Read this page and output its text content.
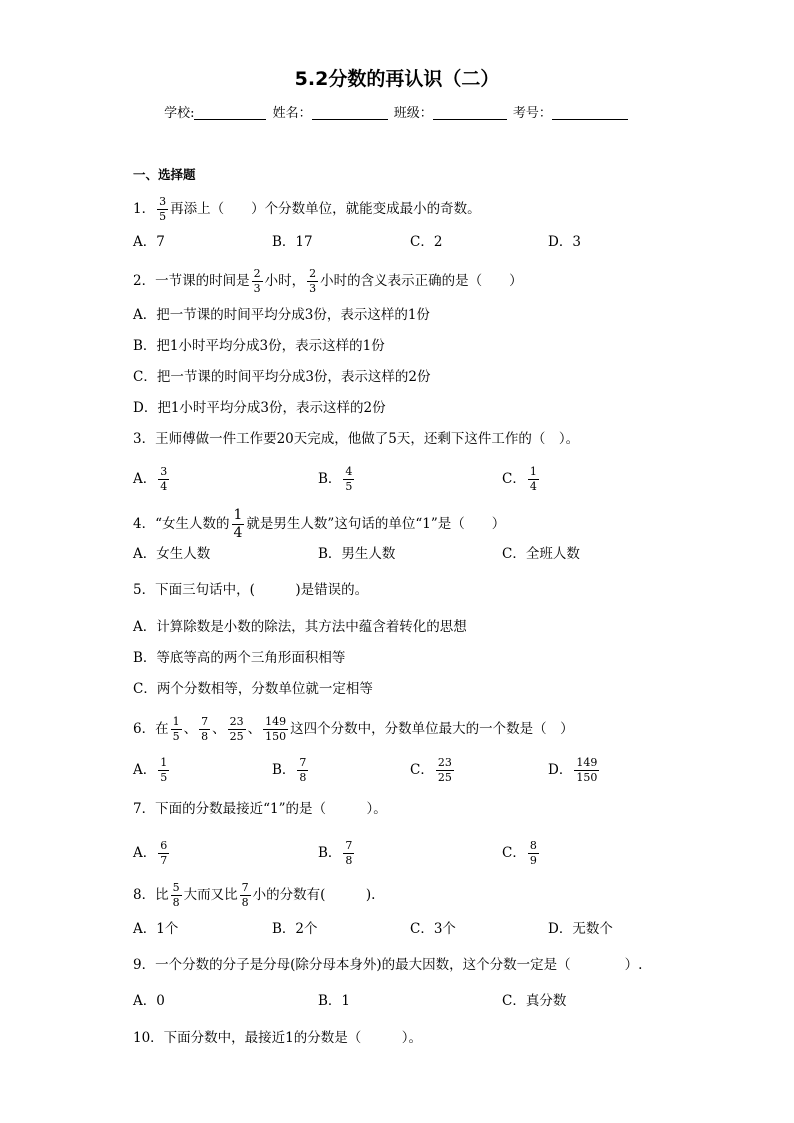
5.2分数的再认识（二）
学校:	姓名：	班级：	考号：
一、选择题
1． $\frac{3}{5}$ 再添上（　　）个分数单位，就能变成最小的奇数。
A．7	B．17	C．2	D．3
2．一节课的时间是 $\frac{2}{3}$ 小时， $\frac{2}{3}$ 小时的含义表示正确的是（　　）
A．把一节课的时间平均分成3份，表示这样的1份
B．把1小时平均分成3份，表示这样的1份
C．把一节课的时间平均分成3份，表示这样的2份
D．把1小时平均分成3份，表示这样的2份
3．王师傅做一件工作要20天完成，他做了5天，还剩下这件工作的（　）。
A． $\frac{3}{4}$	B． $\frac{4}{5}$	C． $\frac{1}{4}$
4．“女生人数的 $\frac{1}{4}$ 就是男生人数”这句话的单位“1”是（　　）
A．女生人数	B．男生人数	C．全班人数
5．下面三句话中，(　　　)是错误的。
A．计算除数是小数的除法，其方法中蕴含着转化的思想
B．等底等高的两个三角形面积相等
C．两个分数相等，分数单位就一定相等
6．在 $\frac{1}{5}$ 、 $\frac{7}{8}$ 、 $\frac{23}{25}$ 、 $\frac{149}{150}$ 这四个分数中，分数单位最大的一个数是（　）
A． $\frac{1}{5}$	B． $\frac{7}{8}$	C． $\frac{23}{25}$	D． $\frac{149}{150}$
7．下面的分数最接近“1”的是（　　　）。
A． $\frac{6}{7}$	B． $\frac{7}{8}$	C． $\frac{8}{9}$
8．比 $\frac{5}{8}$ 大而又比 $\frac{7}{8}$ 小的分数有(　　　).
A．1个	B．2个	C．3个	D．无数个
9．一个分数的分子是分母(除分母本身外)的最大因数，这个分数一定是（　　　　）.
A．0	B．1	C．真分数
10．下面分数中，最接近1的分数是（　　　）。
